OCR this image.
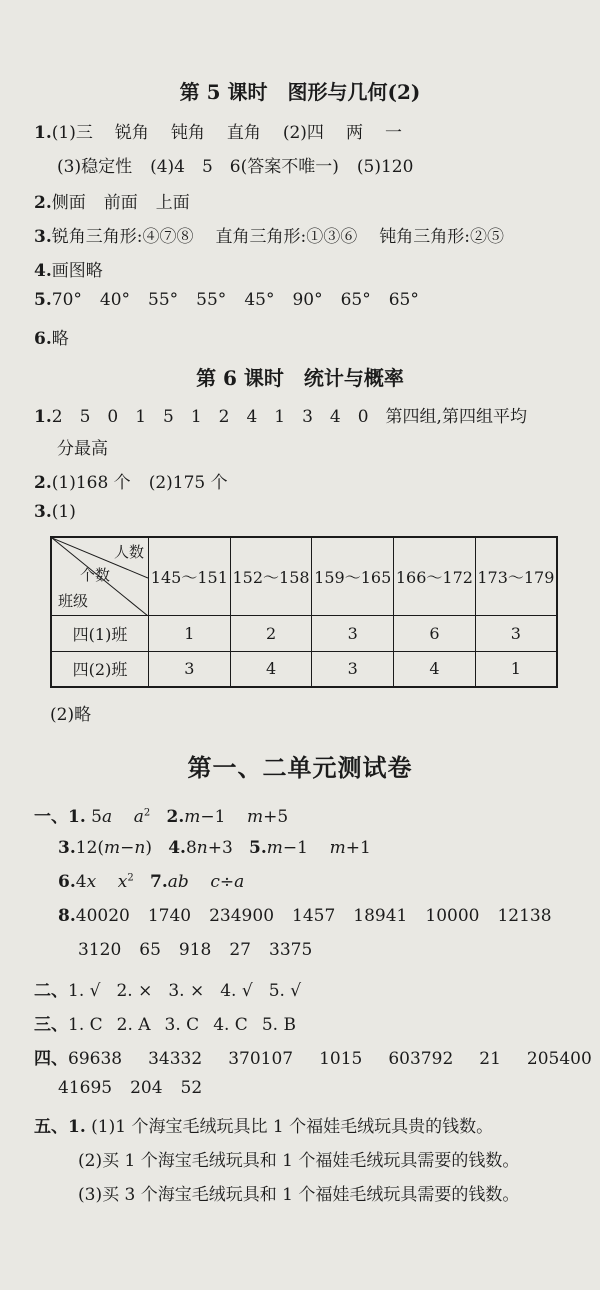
第 5 课时　图形与几何(2)
1.(1)三 锐角 钝角 直角 (2)四 两 一
(3)稳定性 (4)4　5　6(答案不唯一) (5)120
2.侧面 前面 上面
3.锐角三角形:④⑦⑧ 直角三角形:①③⑥ 钝角三角形:②⑤
4.画图略
5.70° 40° 55° 55° 45° 90° 65° 65°
6.略
第 6 课时　统计与概率
1.2　5　0　1　5　1　2　4　1　3　4　0　第四组,第四组平均
分最高
2.(1)168 个 (2)175 个
3.(1)
人数
个数
班级	145～151	152～158	159～165	166～172	173～179
四(1)班	1	2	3	6	3
四(2)班	3	4	3	4	1
(2)略
第一、二单元测试卷
一、1. 5a $a^2$ 2.m−1 m+5
3.12(m−n) 4.8n+3 5.m−1 m+1
6.4x $x^2$ 7.ab c÷a
8.40020 1740 234900 1457 18941 10000 12138
3120 65 918 27 3375
二、1. √ 2. × 3. × 4. √ 5. √
三、1. C 2. A 3. C 4. C 5. B
四、69638 34332 370107 1015 603792 21 205400
41695 204 52
五、1. (1)1 个海宝毛绒玩具比 1 个福娃毛绒玩具贵的钱数。
(2)买 1 个海宝毛绒玩具和 1 个福娃毛绒玩具需要的钱数。
(3)买 3 个海宝毛绒玩具和 1 个福娃毛绒玩具需要的钱数。
